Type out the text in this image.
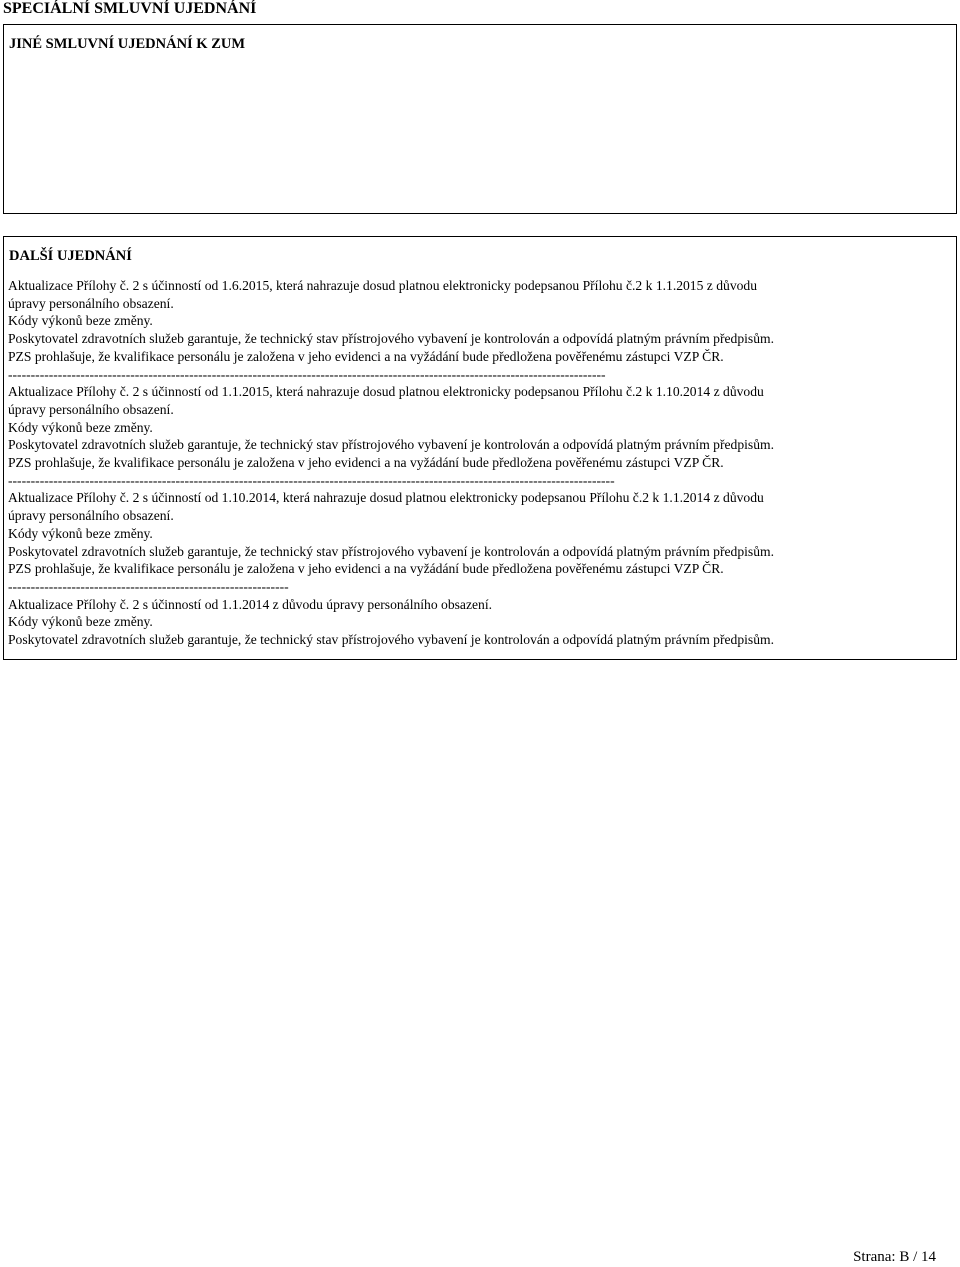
SPECIÁLNÍ SMLUVNÍ UJEDNÁNÍ
JINÉ SMLUVNÍ UJEDNÁNÍ K ZUM
DALŠÍ UJEDNÁNÍ
Aktualizace Přílohy č. 2 s účinností od 1.6.2015, která nahrazuje dosud platnou elektronicky podepsanou Přílohu č.2 k 1.1.2015 z důvodu
úpravy personálního obsazení.
Kódy výkonů beze změny.
Poskytovatel zdravotních služeb garantuje, že technický stav přístrojového vybavení je kontrolován a odpovídá platným právním předpisům.
PZS prohlašuje, že kvalifikace personálu je založena v jeho evidenci a na vyžádání bude předložena pověřenému zástupci VZP ČR.
------------------------------------------------------------------------------------------------------------------------------------
Aktualizace Přílohy č. 2 s účinností od 1.1.2015, která nahrazuje dosud platnou elektronicky podepsanou Přílohu č.2 k 1.10.2014 z důvodu
úpravy personálního obsazení.
Kódy výkonů beze změny.
Poskytovatel zdravotních služeb garantuje, že technický stav přístrojového vybavení je kontrolován a odpovídá platným právním předpisům.
PZS prohlašuje, že kvalifikace personálu je založena v jeho evidenci a na vyžádání bude předložena pověřenému zástupci VZP ČR.
--------------------------------------------------------------------------------------------------------------------------------------
Aktualizace Přílohy č. 2 s účinností od 1.10.2014, která nahrazuje dosud platnou elektronicky podepsanou Přílohu č.2 k 1.1.2014 z důvodu
úpravy personálního obsazení.
Kódy výkonů beze změny.
Poskytovatel zdravotních služeb garantuje, že technický stav přístrojového vybavení je kontrolován a odpovídá platným právním předpisům.
PZS prohlašuje, že kvalifikace personálu je založena v jeho evidenci a na vyžádání bude předložena pověřenému zástupci VZP ČR.
--------------------------------------------------------------
Aktualizace Přílohy č. 2 s účinností od 1.1.2014 z důvodu úpravy personálního obsazení.
Kódy výkonů beze změny.
Poskytovatel zdravotních služeb garantuje, že technický stav přístrojového vybavení je kontrolován a odpovídá platným právním předpisům.
Strana: B / 14
